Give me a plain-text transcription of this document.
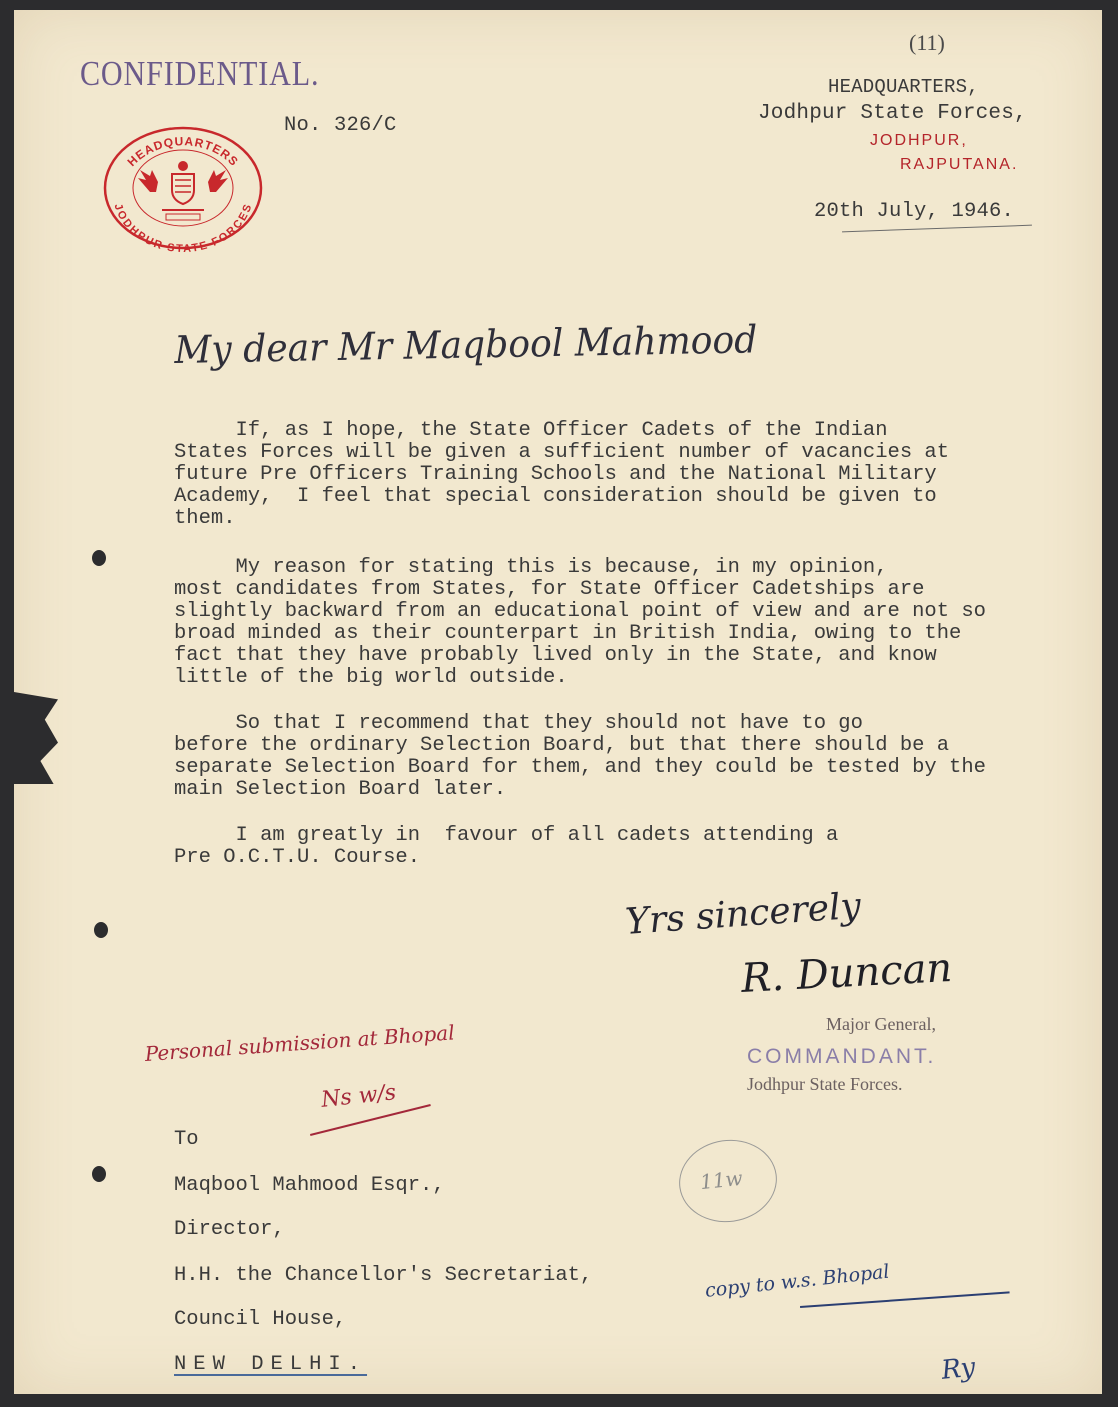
CONFIDENTIAL.
(11)
No. 326/C
HEADQUARTERS,
Jodhpur State Forces,
JODHPUR,
RAJPUTANA.
20th July, 1946.
HEADQUARTERS
JODHPUR STATE FORCES
My dear Mr Maqbool Mahmood
If, as I hope, the State Officer Cadets of the Indian
States Forces will be given a sufficient number of vacancies at
future Pre Officers Training Schools and the National Military
Academy,  I feel that special consideration should be given to
them.
My reason for stating this is because, in my opinion,
most candidates from States, for State Officer Cadetships are
slightly backward from an educational point of view and are not so
broad minded as their counterpart in British India, owing to the
fact that they have probably lived only in the State, and know
little of the big world outside.
So that I recommend that they should not have to go
before the ordinary Selection Board, but that there should be a
separate Selection Board for them, and they could be tested by the
main Selection Board later.
I am greatly in  favour of all cadets attending a
Pre O.C.T.U. Course.
Yrs sincerely
R. Duncan
Major General,
COMMANDANT.
Jodhpur State Forces.
Personal submission at Bhopal
Ns w/s
11w
To
Maqbool Mahmood Esqr.,
Director,
H.H. the Chancellor's Secretariat,
Council House,
NEW DELHI.
copy to w.s. Bhopal
Ry
